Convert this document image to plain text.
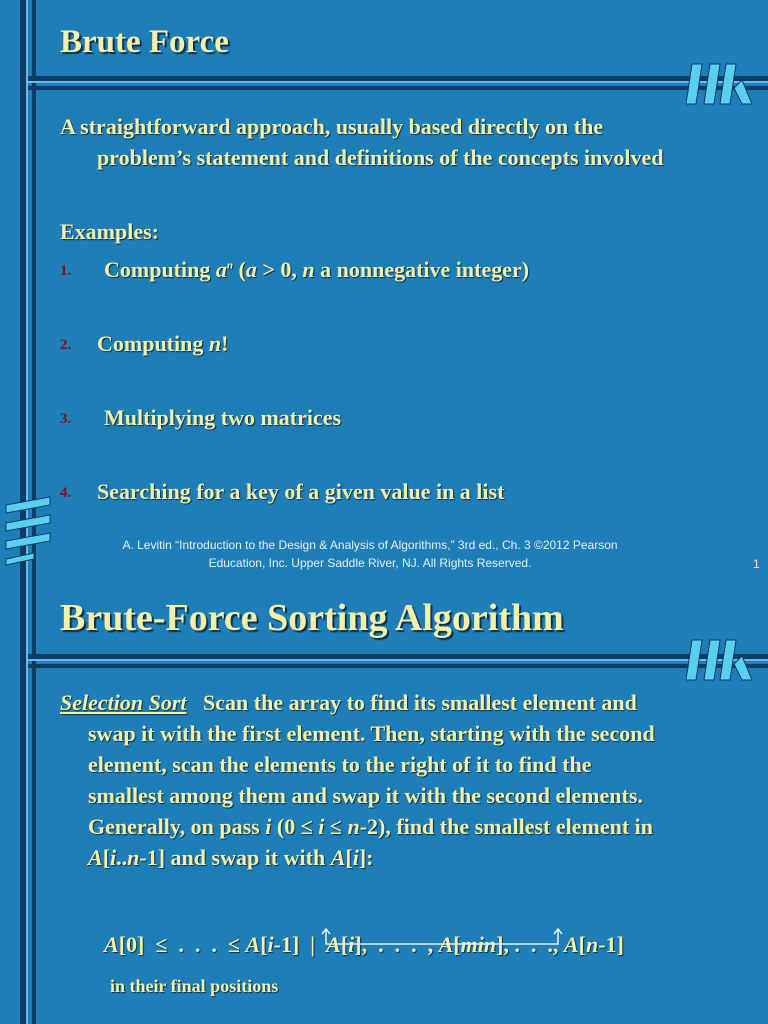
Brute Force
A straightforward approach, usually based directly on the
problem’s statement and definitions of the concepts involved
Examples:
1. Computing $a^n$ (a > 0, n a nonnegative integer)
2. Computing n!
3. Multiplying two matrices
4. Searching for a key of a given value in a list
A. Levitin “Introduction to the Design & Analysis of Algorithms,” 3rd ed., Ch. 3 ©2012 Pearson
Education, Inc. Upper Saddle River, NJ. All Rights Reserved.	1
Brute-Force Sorting Algorithm
Selection Sort Scan the array to find its smallest element and
swap it with the first element. Then, starting with the second
element, scan the elements to the right of it to find the
smallest among them and swap it with the second elements.
Generally, on pass i (0 ≤ i ≤ n-2), find the smallest element in
A[i..n-1] and swap it with A[i]:

A[0]  ≤  .  .  .  ≤ A[i-1]  |  A[i],  .  .  .  , A[min], .  .  ., A[n-1]

in their final positions
